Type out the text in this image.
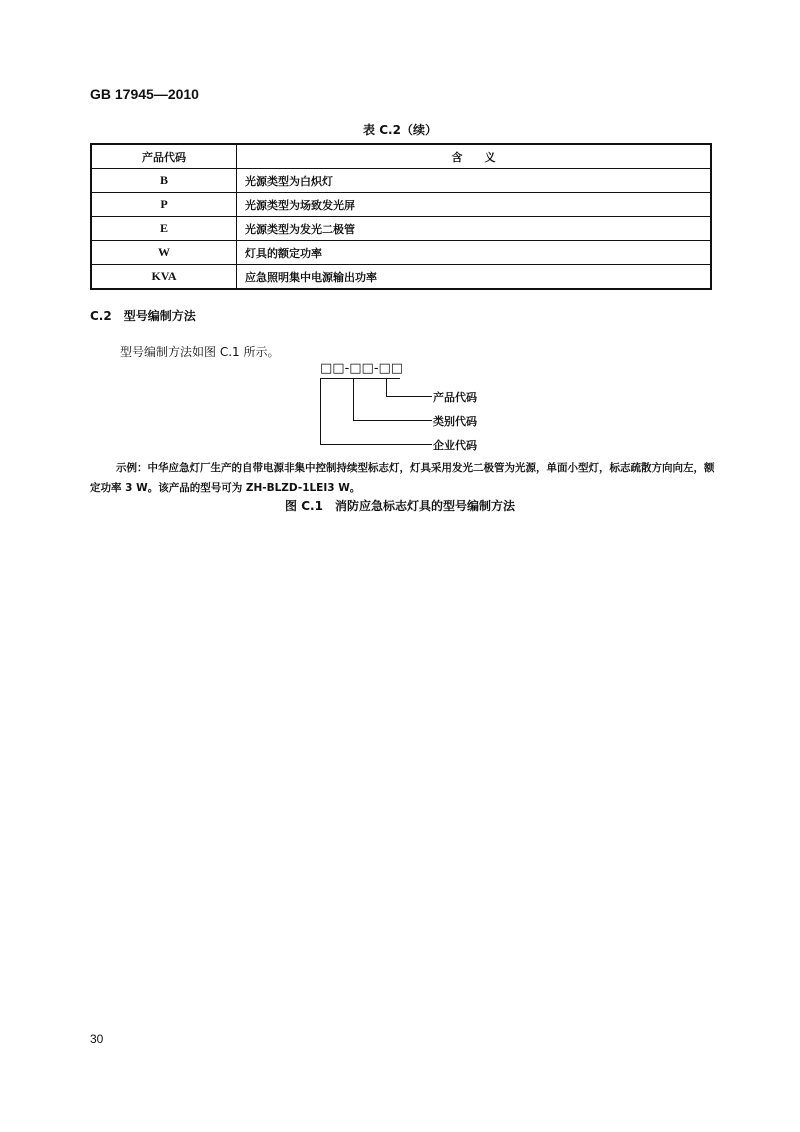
GB 17945—2010
表 C.2（续）
产品代码	含　　义
B	光源类型为白炽灯
P	光源类型为场致发光屏
E	光源类型为发光二极管
W	灯具的额定功率
KVA	应急照明集中电源输出功率
C.2　型号编制方法
型号编制方法如图 C.1 所示。
□□-□□-□□
产品代码
类别代码
企业代码
示例：中华应急灯厂生产的自带电源非集中控制持续型标志灯，灯具采用发光二极管为光源，单面小型灯，标志疏散方向向左，额定功率 3 W。该产品的型号可为 ZH-BLZD-1LEⅠ3 W。
图 C.1　消防应急标志灯具的型号编制方法
30
